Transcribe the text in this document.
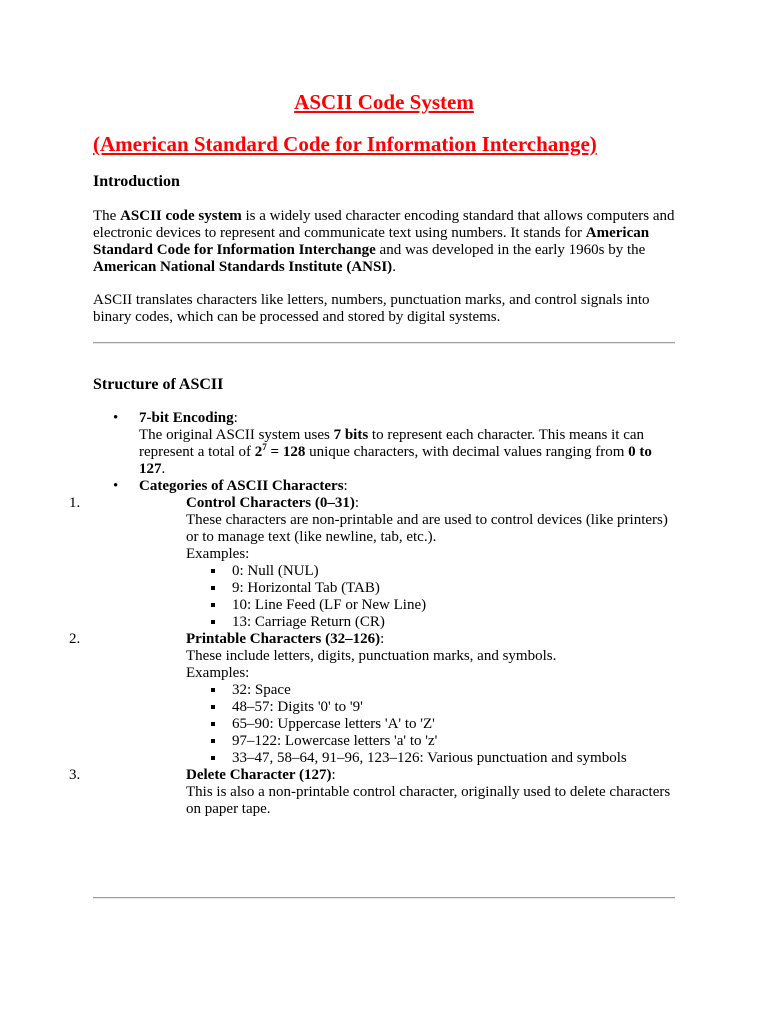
ASCII Code System
(American Standard Code for Information Interchange)
Introduction

The ASCII code system is a widely used character encoding standard that allows computers and electronic devices to represent and communicate text using numbers. It stands for American Standard Code for Information Interchange and was developed in the early 1960s by the American National Standards Institute (ANSI).

ASCII translates characters like letters, numbers, punctuation marks, and control signals into binary codes, which can be processed and stored by digital systems.

Structure of ASCII
• 7-bit Encoding:
The original ASCII system uses 7 bits to represent each character. This means it can represent a total of $2^7 = 128$ unique characters, with decimal values ranging from 0 to 127.
• Categories of ASCII Characters:
1.	Control Characters (0–31):
These characters are non-printable and are used to control devices (like printers) or to manage text (like newline, tab, etc.).
Examples:
0: Null (NUL)
9: Horizontal Tab (TAB)
10: Line Feed (LF or New Line)
13: Carriage Return (CR)
2.	Printable Characters (32–126):
These include letters, digits, punctuation marks, and symbols.
Examples:
32: Space
48–57: Digits '0' to '9'
65–90: Uppercase letters 'A' to 'Z'
97–122: Lowercase letters 'a' to 'z'
33–47, 58–64, 91–96, 123–126: Various punctuation and symbols
3.	Delete Character (127):
This is also a non-printable control character, originally used to delete characters on paper tape.
